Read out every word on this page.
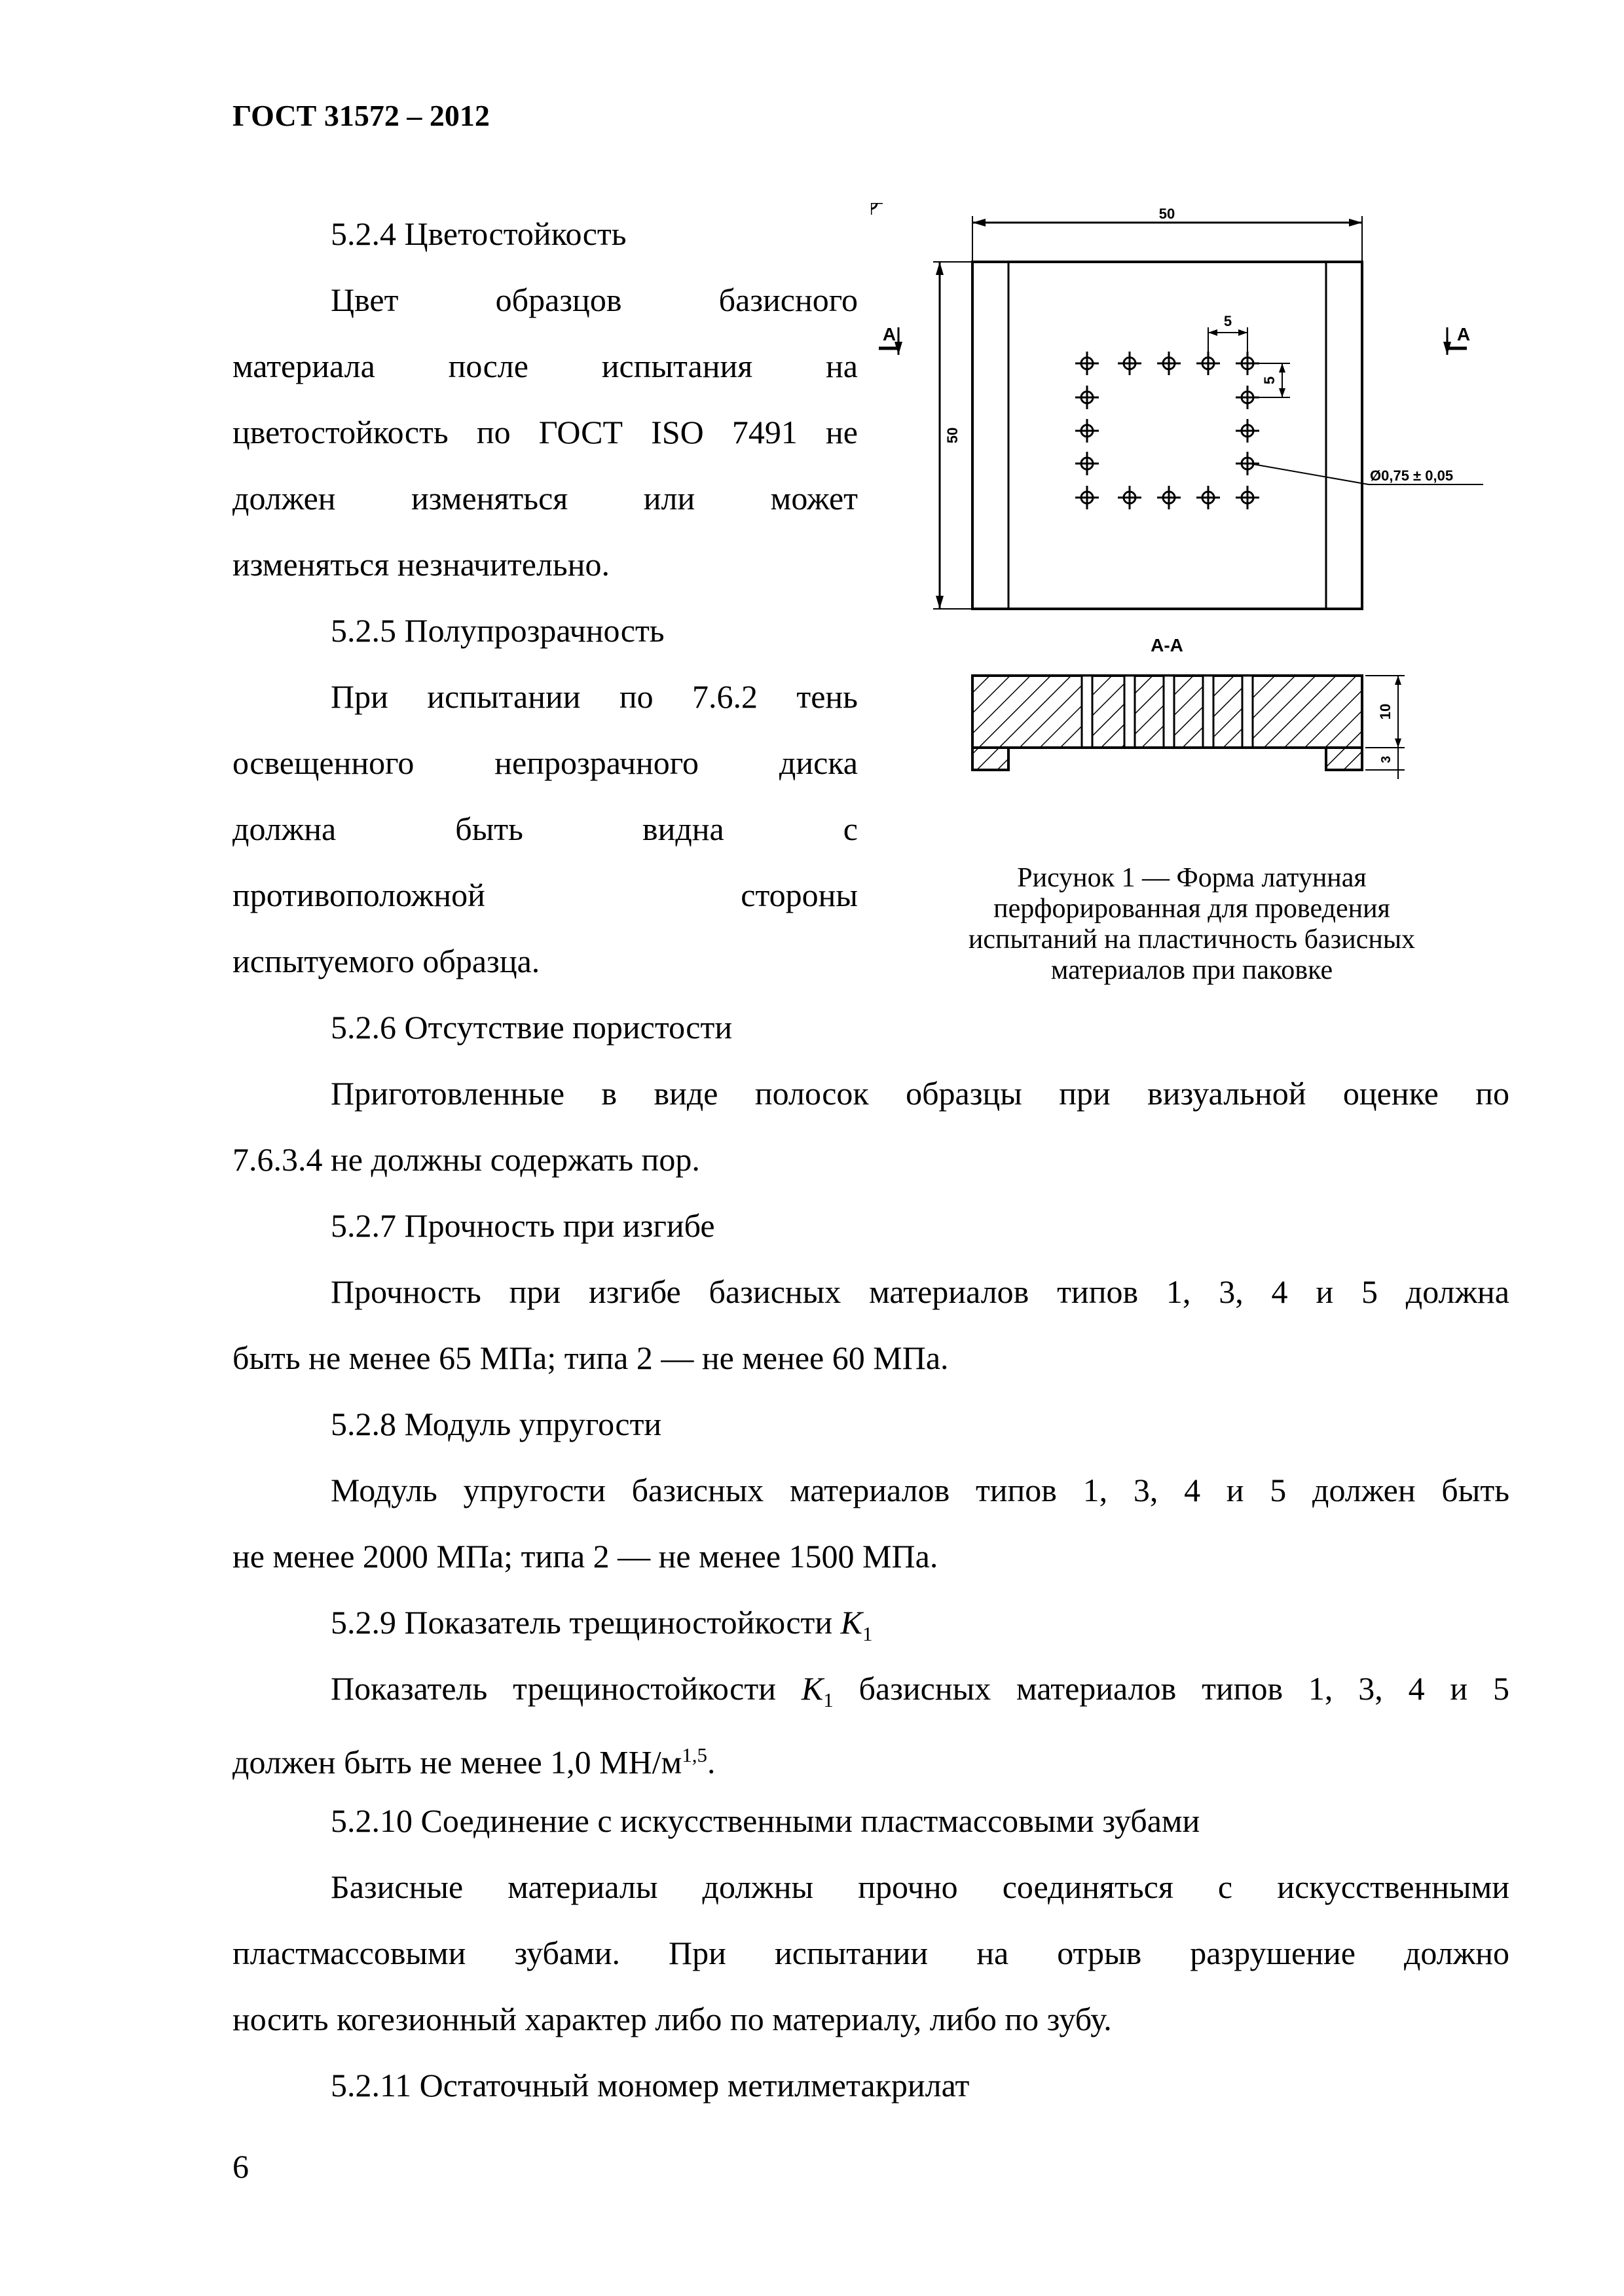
ГОСТ 31572 – 2012
5.2.4 Цветостойкость
Цвет образцов базисного
материала после испытания на
цветостойкость по ГОСТ ISO 7491 не
должен изменяться или может
изменяться незначительно.
5.2.5 Полупрозрачность
При испытании по 7.6.2 тень
освещенного непрозрачного диска
должна быть видна с
противоположной стороны
испытуемого образца.
5.2.6 Отсутствие пористости
Приготовленные в виде полосок образцы при визуальной оценке по
7.6.3.4 не должны содержать пор.
5.2.7 Прочность при изгибе
Прочность при изгибе базисных материалов типов 1, 3, 4 и 5 должна
быть не менее 65 МПа; типа 2 — не менее 60 МПа.
5.2.8 Модуль упругости
Модуль упругости базисных материалов типов 1, 3, 4 и 5 должен быть
не менее 2000 МПа; типа 2 — не менее 1500 МПа.
5.2.9 Показатель трещиностойкости $K_1$
Показатель трещиностойкости $K_1$ базисных материалов типов 1, 3, 4 и 5
должен быть не менее 1,0 $МН/м^{1,5}$.
5.2.10 Соединение с искусственными пластмассовыми зубами
Базисные материалы должны прочно соединяться с искусственными
пластмассовыми зубами. При испытании на отрыв разрушение должно
носить когезионный характер либо по материалу, либо по зубу.
5.2.11 Остаточный мономер метилметакрилат
50
50
А	А
5
5
Ø0,75 ± 0,05
А-А
10
3
Рисунок 1 — Форма латунная
перфорированная для проведения
испытаний на пластичность базисных
материалов при паковке
6
